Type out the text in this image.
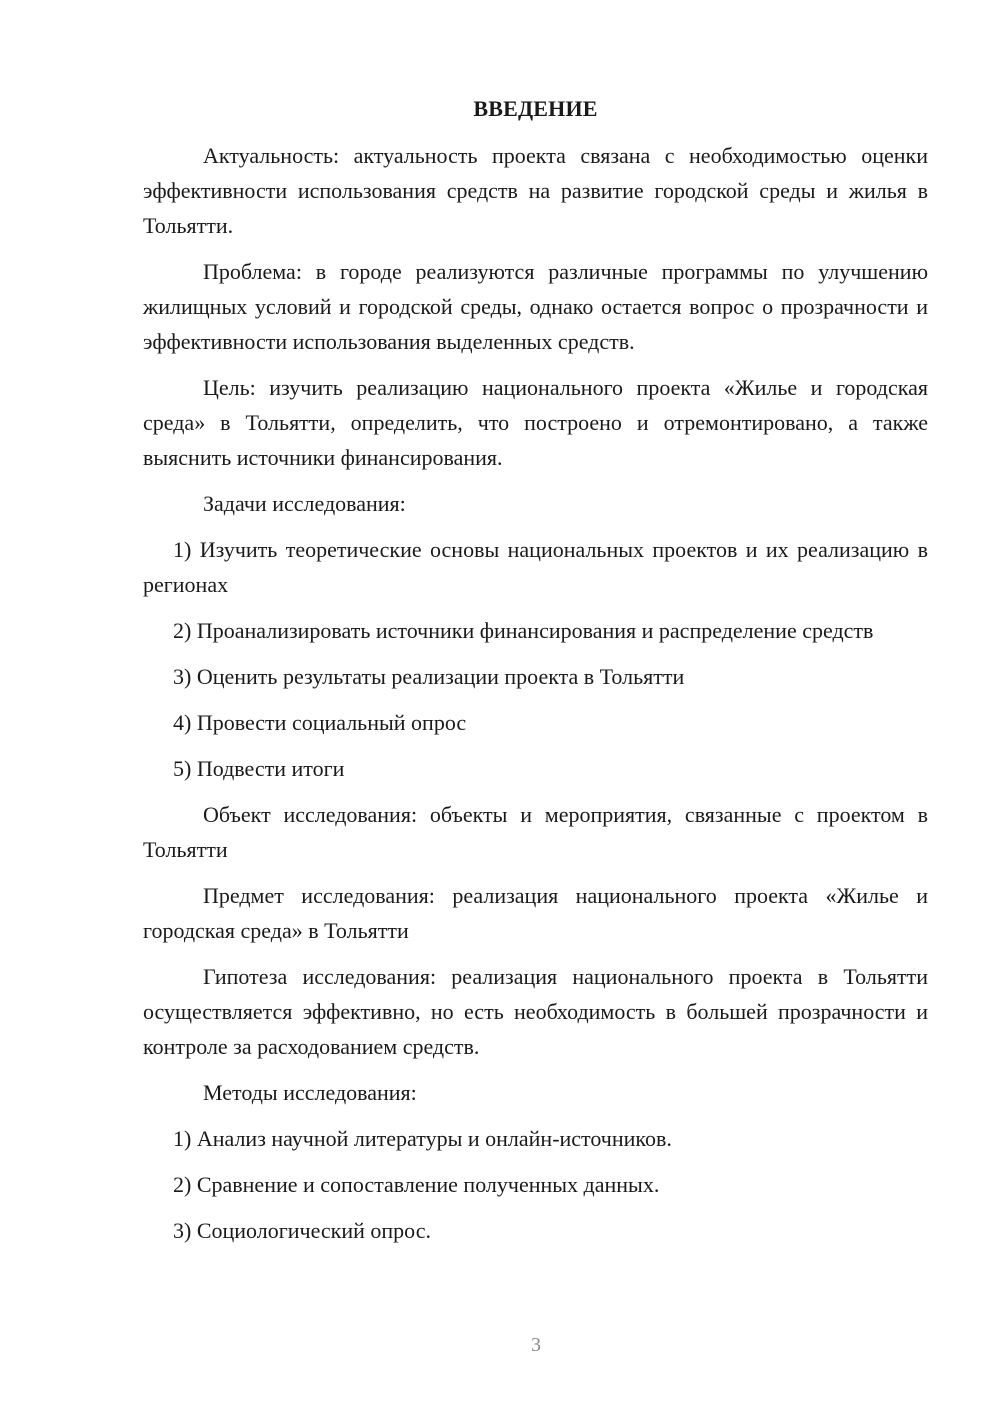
ВВЕДЕНИЕ

Актуальность: актуальность проекта связана с необходимостью оценки эффективности использования средств на развитие городской среды и жилья в Тольятти.

Проблема: в городе реализуются различные программы по улучшению жилищных условий и городской среды, однако остается вопрос о прозрачности и эффективности использования выделенных средств.

Цель: изучить реализацию национального проекта «Жилье и городская среда» в Тольятти, определить, что построено и отремонтировано, а также выяснить источники финансирования.

Задачи исследования:

1) Изучить теоретические основы национальных проектов и их реализацию в регионах

2) Проанализировать источники финансирования и распределение средств

3) Оценить результаты реализации проекта в Тольятти

4) Провести социальный опрос

5) Подвести итоги

Объект исследования: объекты и мероприятия, связанные с проектом в Тольятти

Предмет исследования: реализация национального проекта «Жилье и городская среда» в Тольятти

Гипотеза исследования: реализация национального проекта в Тольятти осуществляется эффективно, но есть необходимость в большей прозрачности и контроле за расходованием средств.

Методы исследования:

1) Анализ научной литературы и онлайн-источников.

2) Сравнение и сопоставление полученных данных.

3) Социологический опрос.

3
